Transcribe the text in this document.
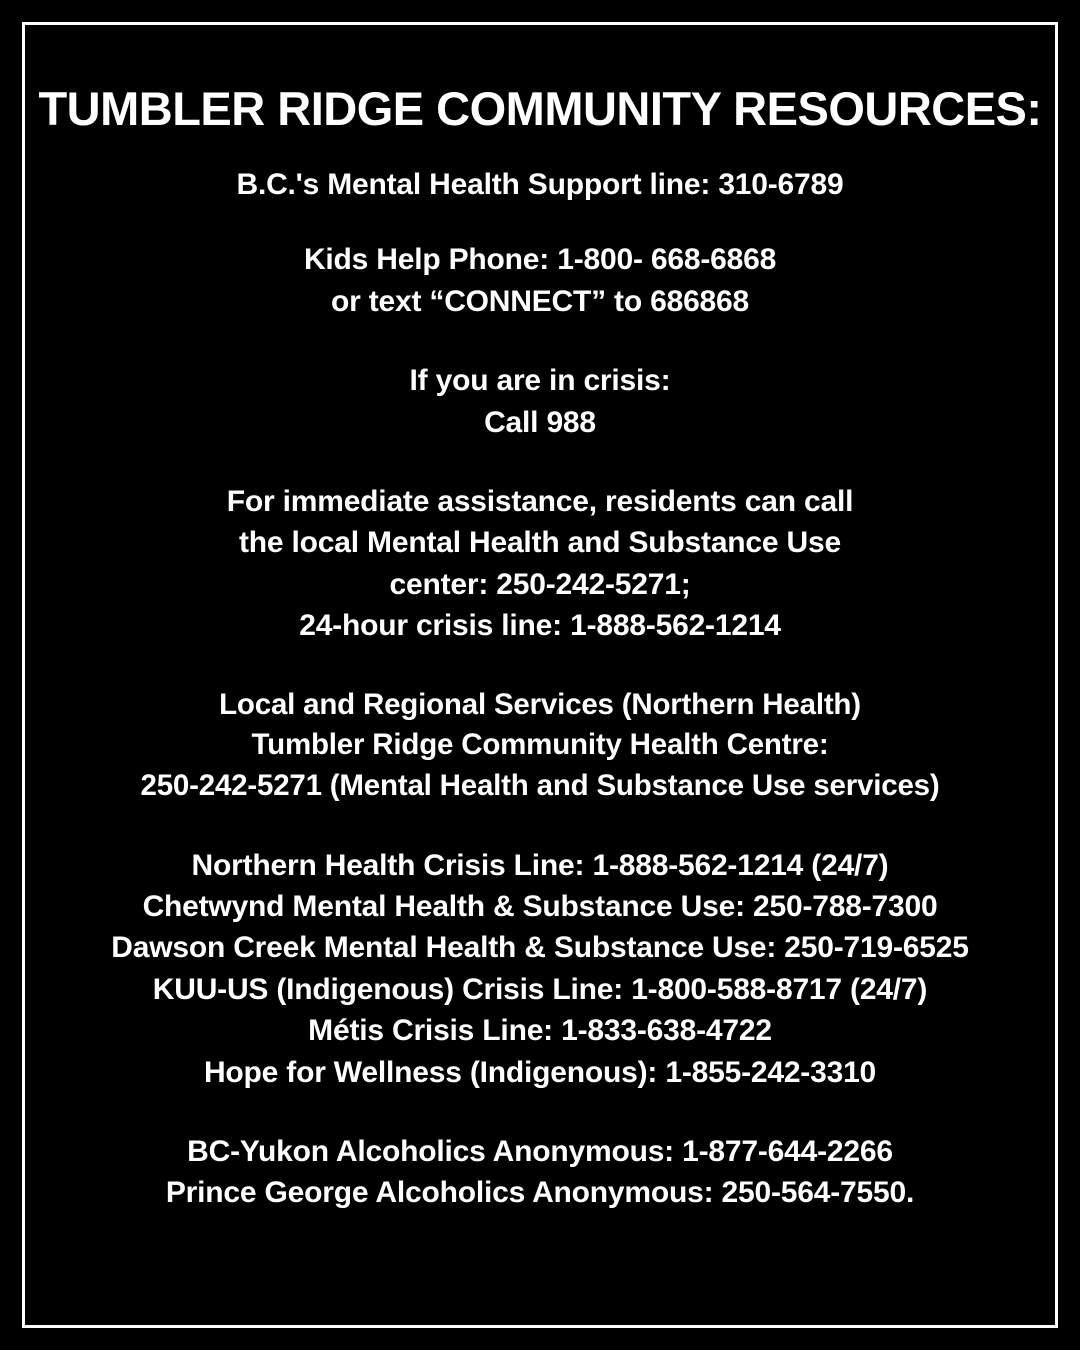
TUMBLER RIDGE COMMUNITY RESOURCES:
B.C.'s Mental Health Support line: 310-6789
Kids Help Phone: 1-800- 668-6868
or text “CONNECT” to 686868
If you are in crisis:
Call 988
For immediate assistance, residents can call
the local Mental Health and Substance Use
center: 250-242-5271;
24-hour crisis line: 1-888-562-1214
Local and Regional Services (Northern Health)
Tumbler Ridge Community Health Centre:
250-242-5271 (Mental Health and Substance Use services)
Northern Health Crisis Line: 1-888-562-1214 (24/7)
Chetwynd Mental Health & Substance Use: 250-788-7300
Dawson Creek Mental Health & Substance Use: 250-719-6525
KUU-US (Indigenous) Crisis Line: 1-800-588-8717 (24/7)
Métis Crisis Line: 1-833-638-4722
Hope for Wellness (Indigenous): 1-855-242-3310
BC-Yukon Alcoholics Anonymous: 1-877-644-2266
Prince George Alcoholics Anonymous: 250-564-7550.
